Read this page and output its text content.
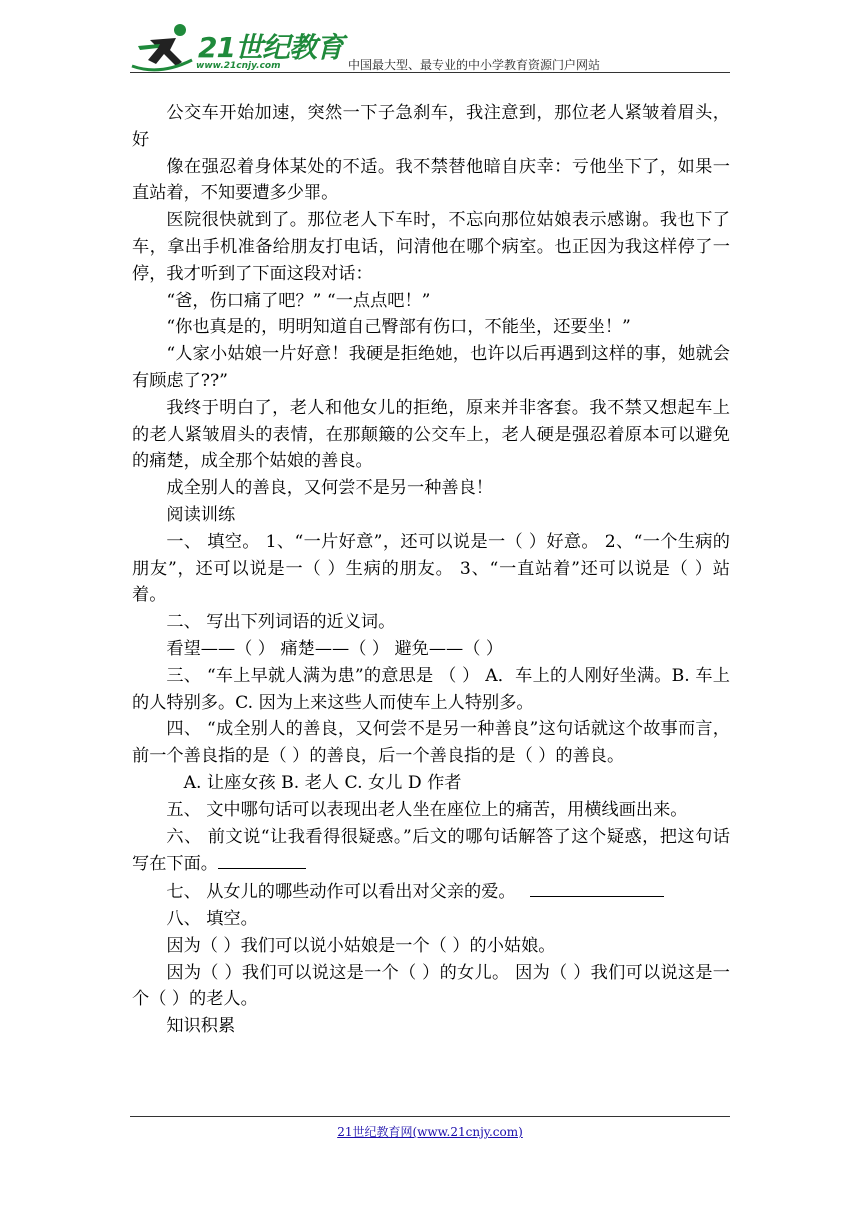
21世纪教育
www.21cnjy.com	中国最大型、最专业的中小学教育资源门户网站

公交车开始加速，突然一下子急刹车，我注意到，那位老人紧皱着眉头，好

像在强忍着身体某处的不适。我不禁替他暗自庆幸：亏他坐下了，如果一直站着，不知要遭多少罪。

医院很快就到了。那位老人下车时，不忘向那位姑娘表示感谢。我也下了车，拿出手机准备给朋友打电话，问清他在哪个病室。也正因为我这样停了一停，我才听到了下面这段对话：

“爸，伤口痛了吧？” “一点点吧！”

“你也真是的，明明知道自己臀部有伤口，不能坐，还要坐！”

“人家小姑娘一片好意！我硬是拒绝她，也许以后再遇到这样的事，她就会有顾虑了??”

我终于明白了，老人和他女儿的拒绝，原来并非客套。我不禁又想起车上的老人紧皱眉头的表情，在那颠簸的公交车上，老人硬是强忍着原本可以避免的痛楚，成全那个姑娘的善良。

成全别人的善良，又何尝不是另一种善良！

阅读训练

一、 填空。 1、“一片好意”，还可以说是一（ ）好意。 2、“一个生病的朋友”，还可以说是一（ ）生病的朋友。 3、“一直站着”还可以说是（ ）站着。

二、 写出下列词语的近义词。

看望——（ ） 痛楚——（ ） 避免——（ ）

三、 “车上早就人满为患”的意思是 （ ） A．车上的人刚好坐满。B. 车上的人特别多。C. 因为上来这些人而使车上人特别多。

四、 “成全别人的善良，又何尝不是另一种善良”这句话就这个故事而言，前一个善良指的是（ ）的善良，后一个善良指的是（ ）的善良。

A. 让座女孩 B. 老人 C. 女儿 D 作者

五、 文中哪句话可以表现出老人坐在座位上的痛苦，用横线画出来。

六、 前文说“让我看得很疑惑。”后文的哪句话解答了这个疑惑，把这句话写在下面。

七、 从女儿的哪些动作可以看出对父亲的爱。

八、 填空。

因为（ ）我们可以说小姑娘是一个（ ）的小姑娘。

因为（ ）我们可以说这是一个（ ）的女儿。 因为（ ）我们可以说这是一个（ ）的老人。

知识积累

21世纪教育网(www.21cnjy.com)
